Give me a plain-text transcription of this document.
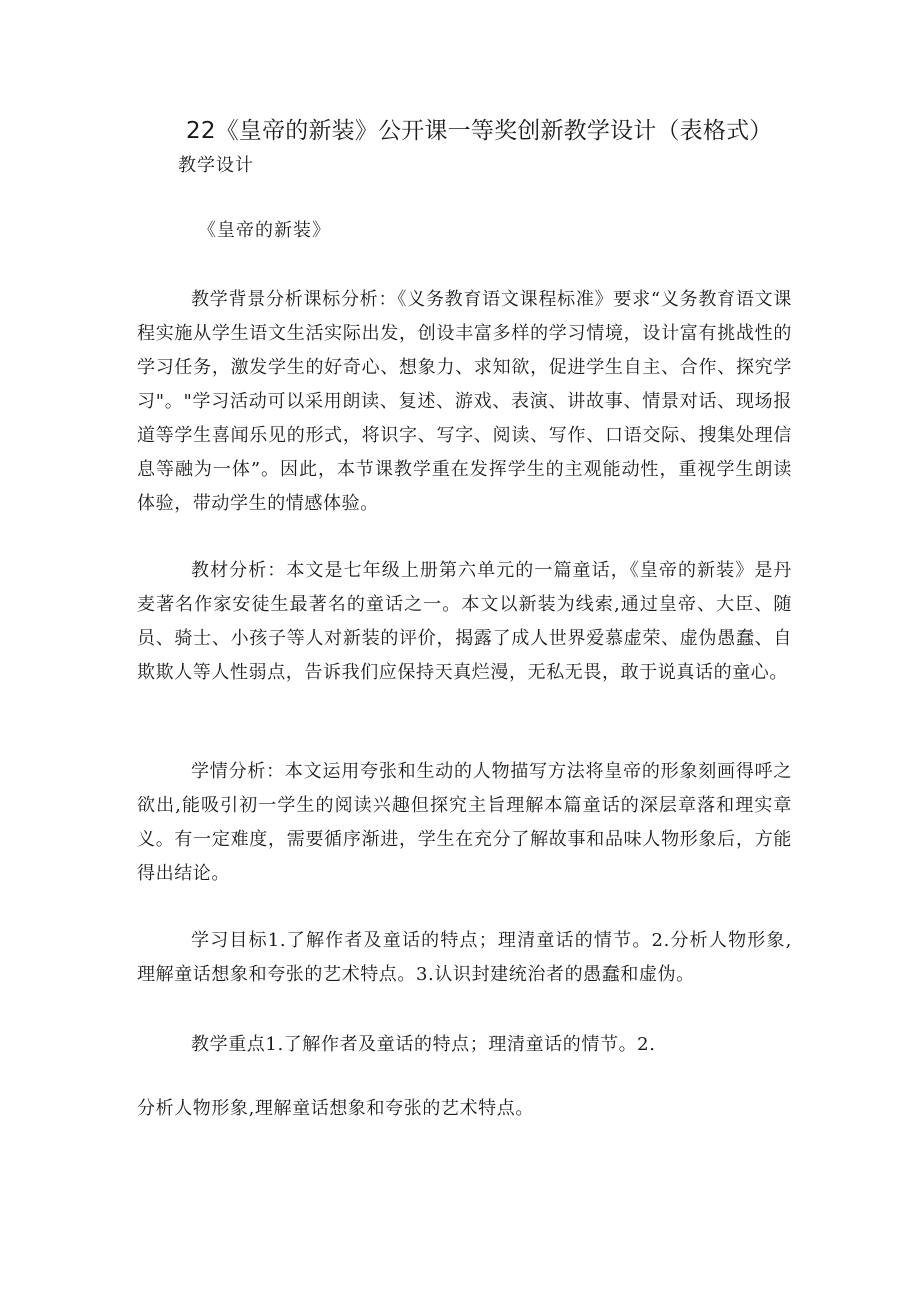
22《皇帝的新装》公开课一等奖创新教学设计（表格式）

教学设计

《皇帝的新装》

教学背景分析课标分析：《义务教育语文课程标准》要求“义务教育语文课程实施从学生语文生活实际出发，创设丰富多样的学习情境，设计富有挑战性的学习任务，激发学生的好奇心、想象力、求知欲，促进学生自主、合作、探究学习"。"学习活动可以采用朗读、复述、游戏、表演、讲故事、情景对话、现场报道等学生喜闻乐见的形式，将识字、写字、阅读、写作、口语交际、搜集处理信息等融为一体”。因此，本节课教学重在发挥学生的主观能动性，重视学生朗读体验，带动学生的情感体验。

教材分析：本文是七年级上册第六单元的一篇童话，《皇帝的新装》是丹麦著名作家安徒生最著名的童话之一。本文以新装为线索,通过皇帝、大臣、随员、骑士、小孩子等人对新装的评价，揭露了成人世界爱慕虚荣、虚伪愚蠢、自欺欺人等人性弱点，告诉我们应保持天真烂漫，无私无畏，敢于说真话的童心。

学情分析：本文运用夸张和生动的人物描写方法将皇帝的形象刻画得呼之欲出,能吸引初一学生的阅读兴趣但探究主旨理解本篇童话的深层章落和理实章义。有一定难度，需要循序渐进，学生在充分了解故事和品味人物形象后，方能得出结论。

学习目标1.了解作者及童话的特点；理清童话的情节。2.分析人物形象,理解童话想象和夸张的艺术特点。3.认识封建统治者的愚蠢和虚伪。

教学重点1.了解作者及童话的特点；理清童话的情节。2.

分析人物形象,理解童话想象和夸张的艺术特点。
